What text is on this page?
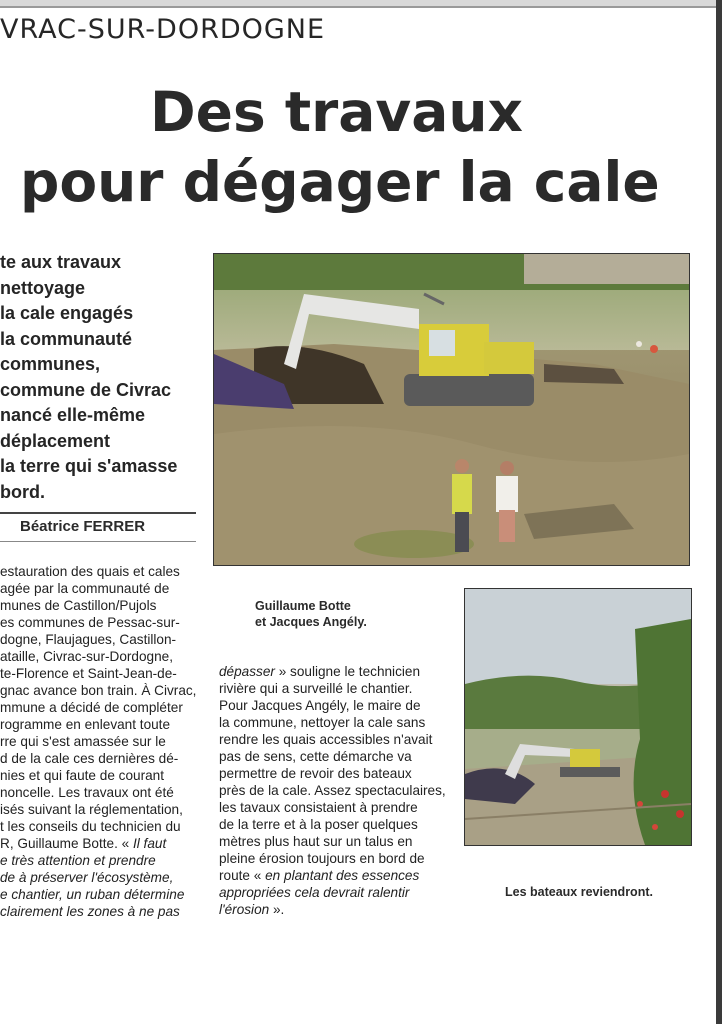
VRAC-SUR-DORDOGNE
Des travaux
pour dégager la cale
te aux travaux
nettoyage
la cale engagés
la communauté
communes,
commune de Civrac
nancé elle-même
déplacement
la terre qui s'amasse
bord.
Béatrice FERRER
Guillaume Botte
et Jacques Angély.
Les bateaux reviendront.
estauration des quais et cales
agée par la communauté de
munes de Castillon/Pujols
es communes de Pessac-sur-
dogne, Flaujagues, Castillon-
ataille, Civrac-sur-Dordogne,
te-Florence et Saint-Jean-de-
gnac avance bon train. À Civrac,
mmune a décidé de compléter
rogramme en enlevant toute
rre qui s'est amassée sur le
d de la cale ces dernières dé-
nies et qui faute de courant
noncelle. Les travaux ont été
isés suivant la réglementation,
t les conseils du technicien du
R, Guillaume Botte. « Il faut
e très attention et prendre
de à préserver l'écosystème,
e chantier, un ruban détermine
clairement les zones à ne pas
dépasser » souligne le technicien
rivière qui a surveillé le chantier.
Pour Jacques Angély, le maire de
la commune, nettoyer la cale sans
rendre les quais accessibles n'avait
pas de sens, cette démarche va
permettre de revoir des bateaux
près de la cale. Assez spectaculaires,
les tavaux consistaient à prendre
de la terre et à la poser quelques
mètres plus haut sur un talus en
pleine érosion toujours en bord de
route « en plantant des essences
appropriées cela devrait ralentir
l'érosion ».
